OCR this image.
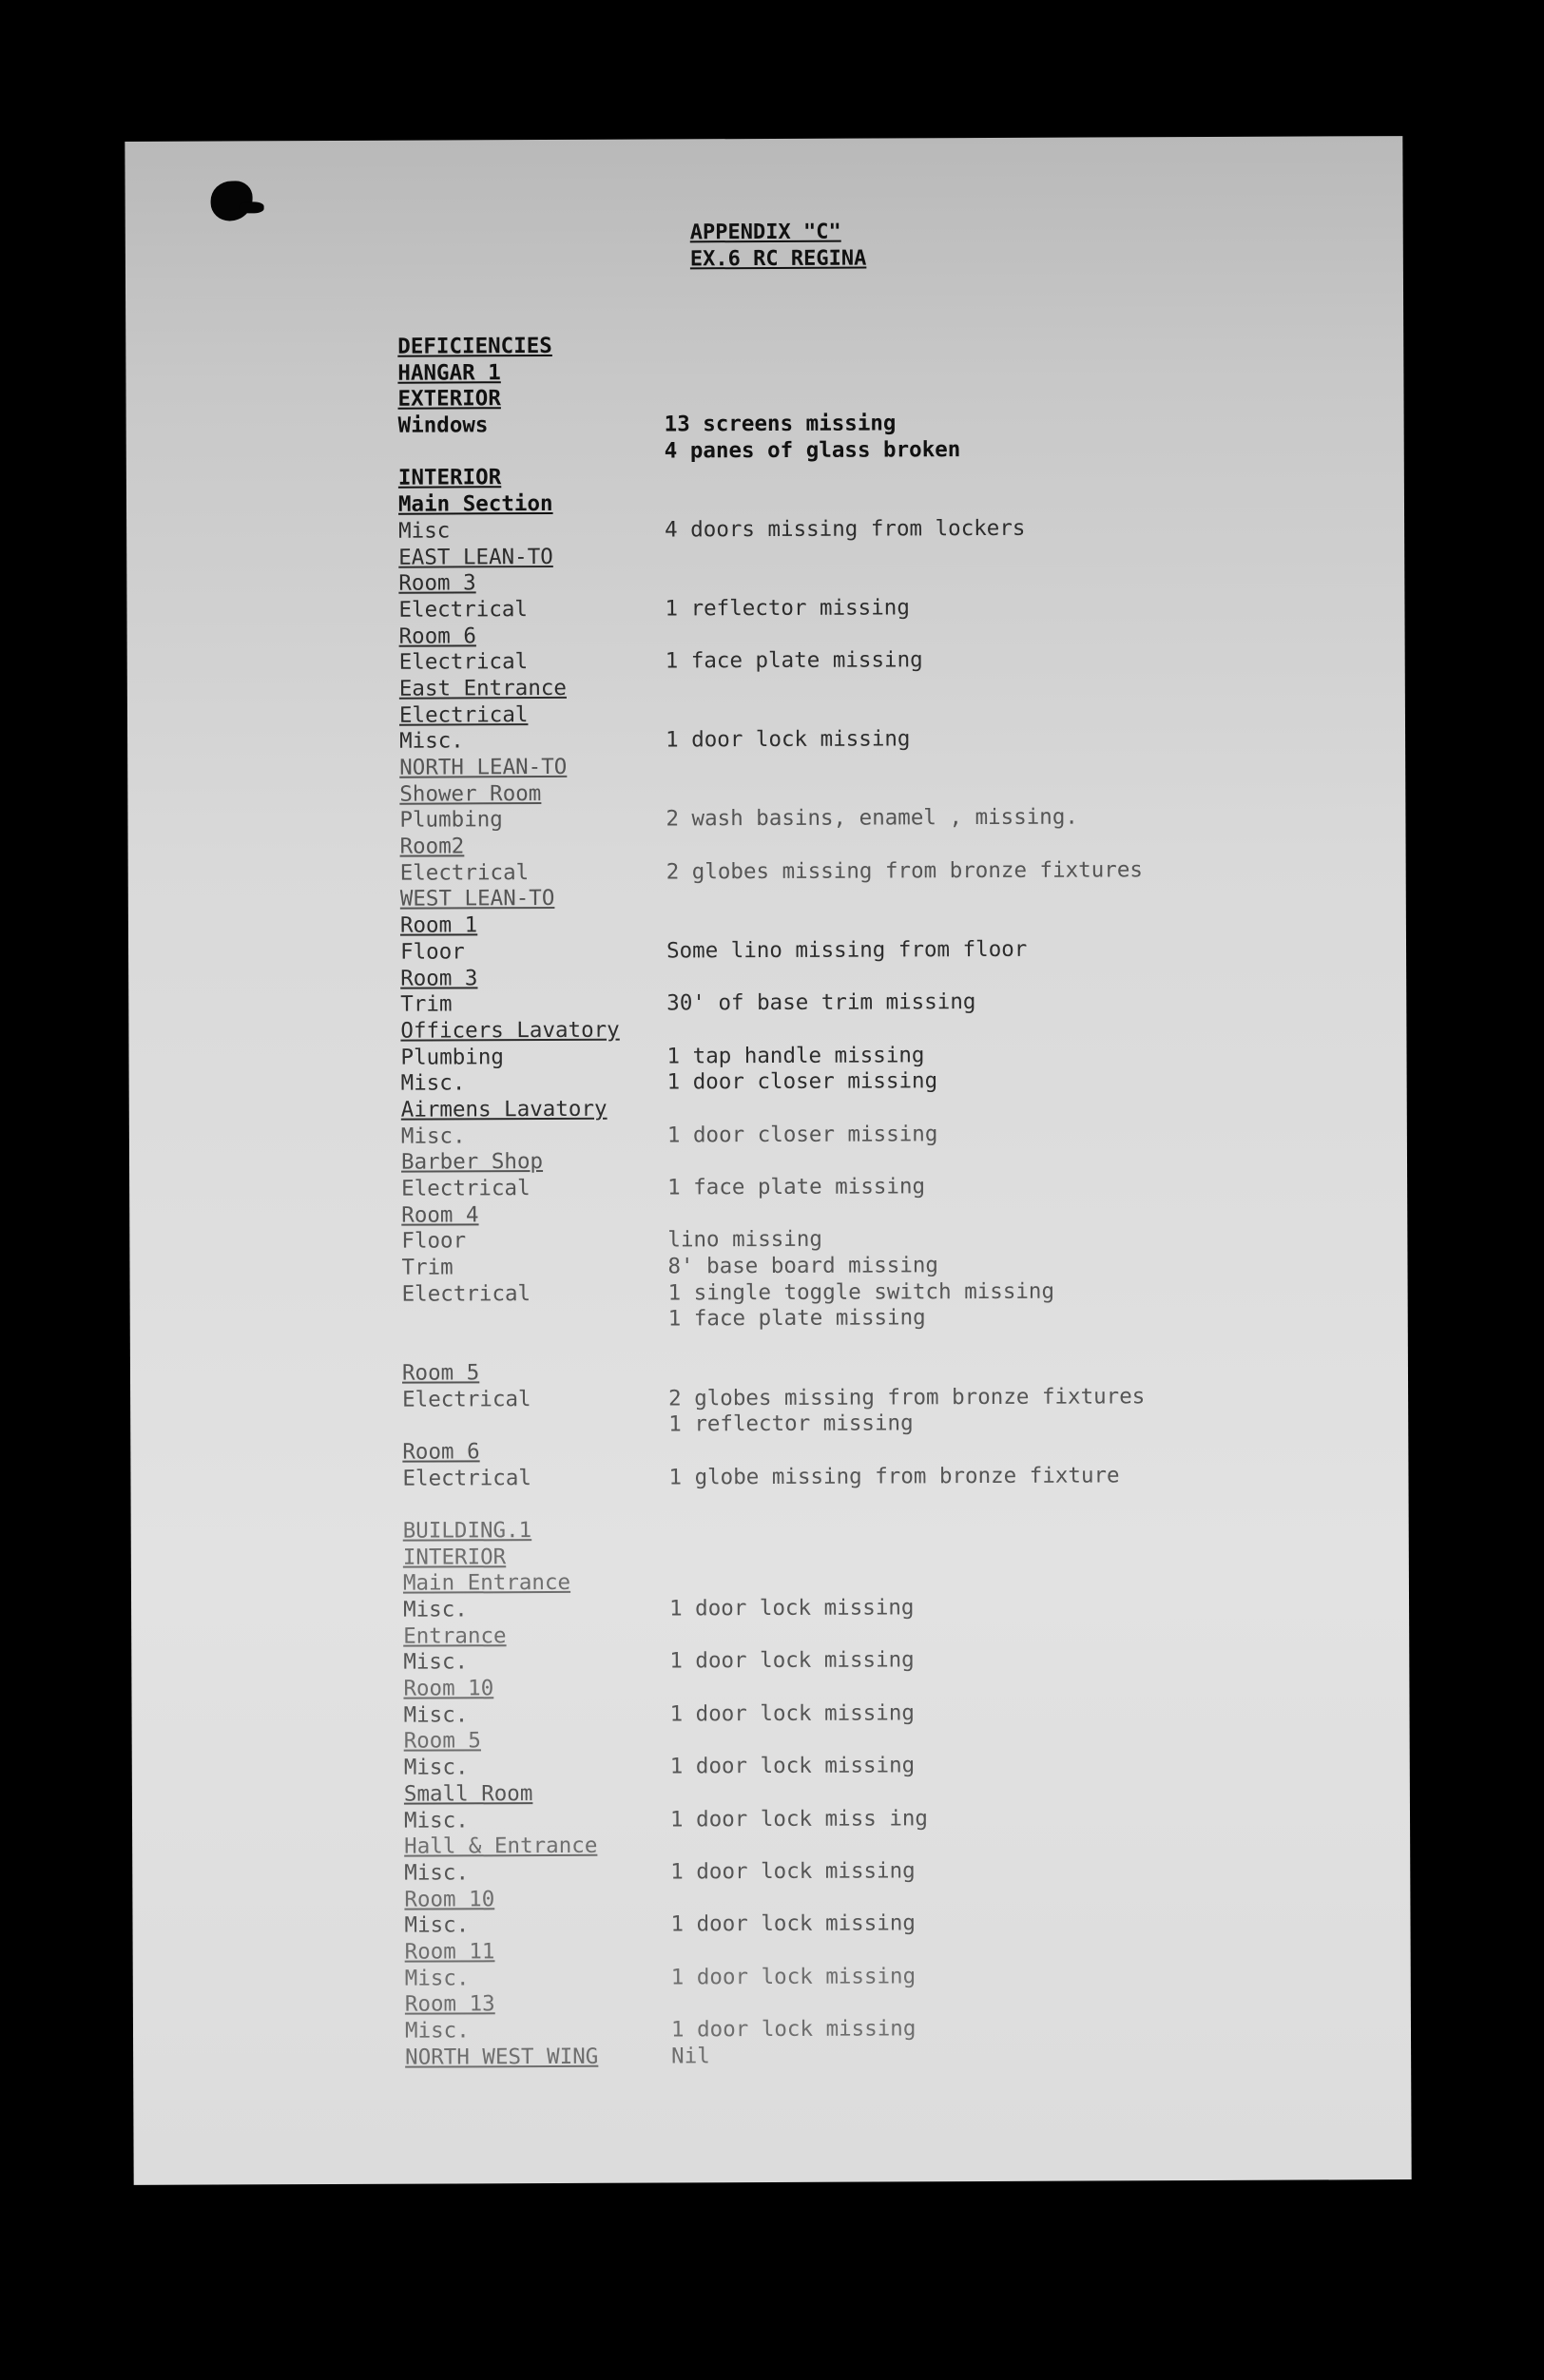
APPENDIX "C"
EX.6 RC REGINA
DEFICIENCIES
HANGAR 1
EXTERIOR
Windows	13 screens missing
4 panes of glass broken
INTERIOR
Main Section
Misc	4 doors missing from lockers
EAST LEAN-TO
Room 3
Electrical	1 reflector missing
Room 6
Electrical	1 face plate missing
East Entrance
Electrical
Misc.	1 door lock missing
NORTH LEAN-TO
Shower Room
Plumbing	2 wash basins, enamel , missing.
Room2
Electrical	2 globes missing from bronze fixtures
WEST LEAN-TO
Room 1
Floor	Some lino missing from floor
Room 3
Trim	30' of base trim missing
Officers Lavatory
Plumbing	1 tap handle missing
Misc.	1 door closer missing
Airmens Lavatory
Misc.	1 door closer missing
Barber Shop
Electrical	1 face plate missing
Room 4
Floor	lino missing
Trim	8' base board missing
Electrical	1 single toggle switch missing
1 face plate missing
Room 5
Electrical	2 globes missing from bronze fixtures
1 reflector missing
Room 6
Electrical	1 globe missing from bronze fixture
BUILDING.1
INTERIOR
Main Entrance
Misc.	1 door lock missing
Entrance
Misc.	1 door lock missing
Room 10
Misc.	1 door lock missing
Room 5
Misc.	1 door lock missing
Small Room
Misc.	1 door lock miss ing
Hall & Entrance
Misc.	1 door lock missing
Room 10
Misc.	1 door lock missing
Room 11
Misc.	1 door lock missing
Room 13
Misc.	1 door lock missing
NORTH WEST WING	Nil
